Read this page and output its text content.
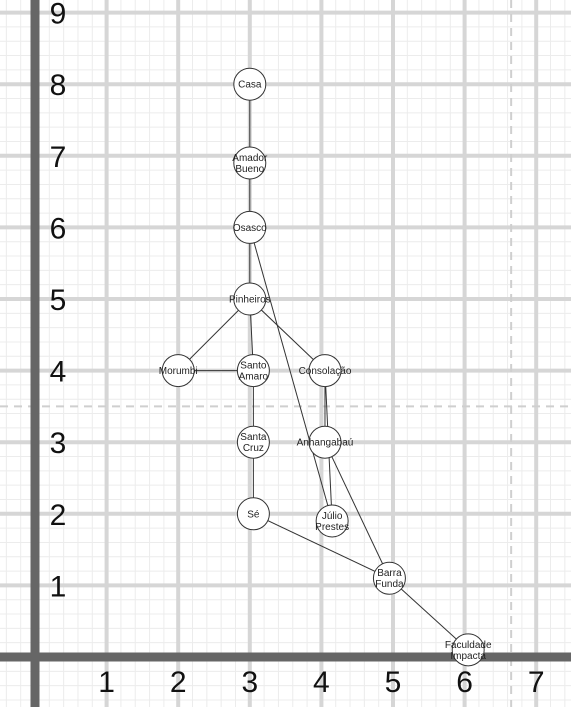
1 2 3 4 5 6 7
1
2
3
4
5
6
7
8
9
Casa
Amador
Bueno
Osasco
Pinheiros
Morumbi	Santo
Amaro	Consolação
Santa
Cruz	Anhangabaú
Sé	Júlio
Prestes
Barra
Funda
Faculdade
Impacta
